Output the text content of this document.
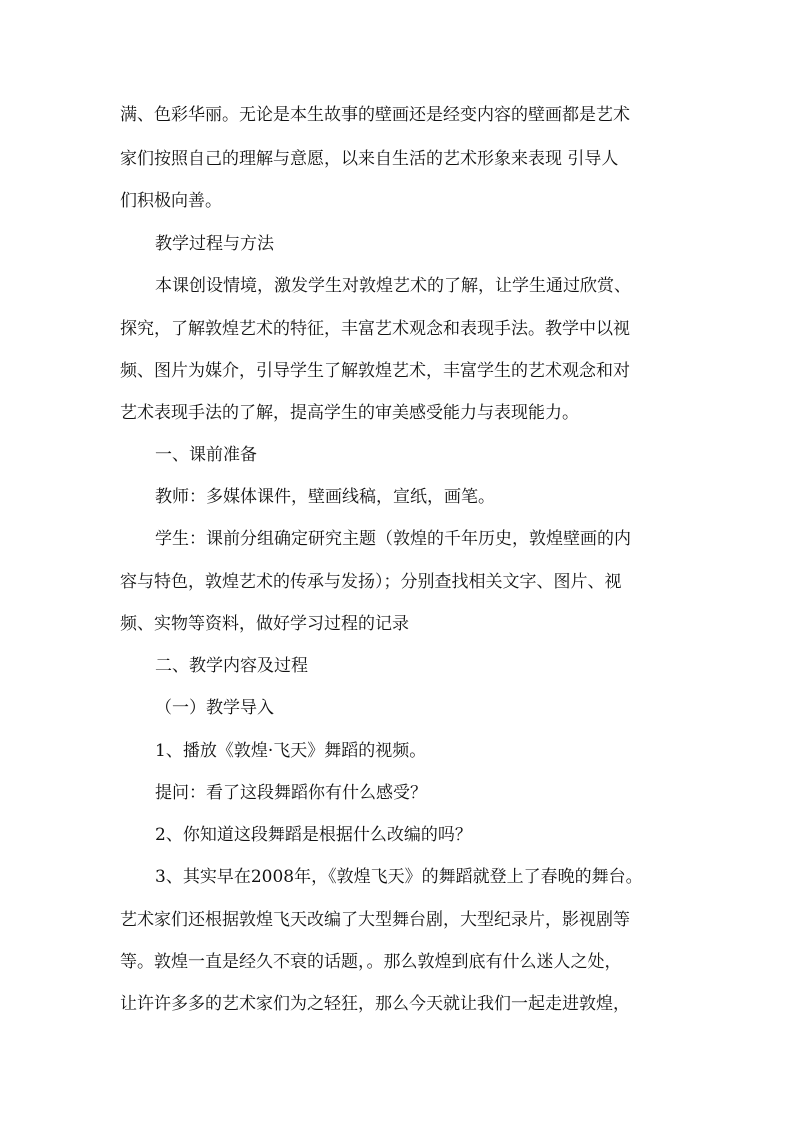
满、色彩华丽。无论是本生故事的壁画还是经变内容的壁画都是艺术
家们按照自己的理解与意愿，以来自生活的艺术形象来表现 引导人
们积极向善。
教学过程与方法
本课创设情境，激发学生对敦煌艺术的了解，让学生通过欣赏、
探究，了解敦煌艺术的特征，丰富艺术观念和表现手法。教学中以视
频、图片为媒介，引导学生了解敦煌艺术，丰富学生的艺术观念和对
艺术表现手法的了解，提高学生的审美感受能力与表现能力。
一、课前准备
教师：多媒体课件，壁画线稿，宣纸，画笔。
学生：课前分组确定研究主题（敦煌的千年历史，敦煌壁画的内
容与特色，敦煌艺术的传承与发扬）；分别查找相关文字、图片、视
频、实物等资料，做好学习过程的记录
二、教学内容及过程
（一）教学导入
1、播放《敦煌·飞天》舞蹈的视频。
提问：看了这段舞蹈你有什么感受？
2、你知道这段舞蹈是根据什么改编的吗？
3、其实早在2008年，《敦煌飞天》的舞蹈就登上了春晚的舞台。
艺术家们还根据敦煌飞天改编了大型舞台剧，大型纪录片，影视剧等
等。敦煌一直是经久不衰的话题，。那么敦煌到底有什么迷人之处，
让许许多多的艺术家们为之轻狂，那么今天就让我们一起走进敦煌，
